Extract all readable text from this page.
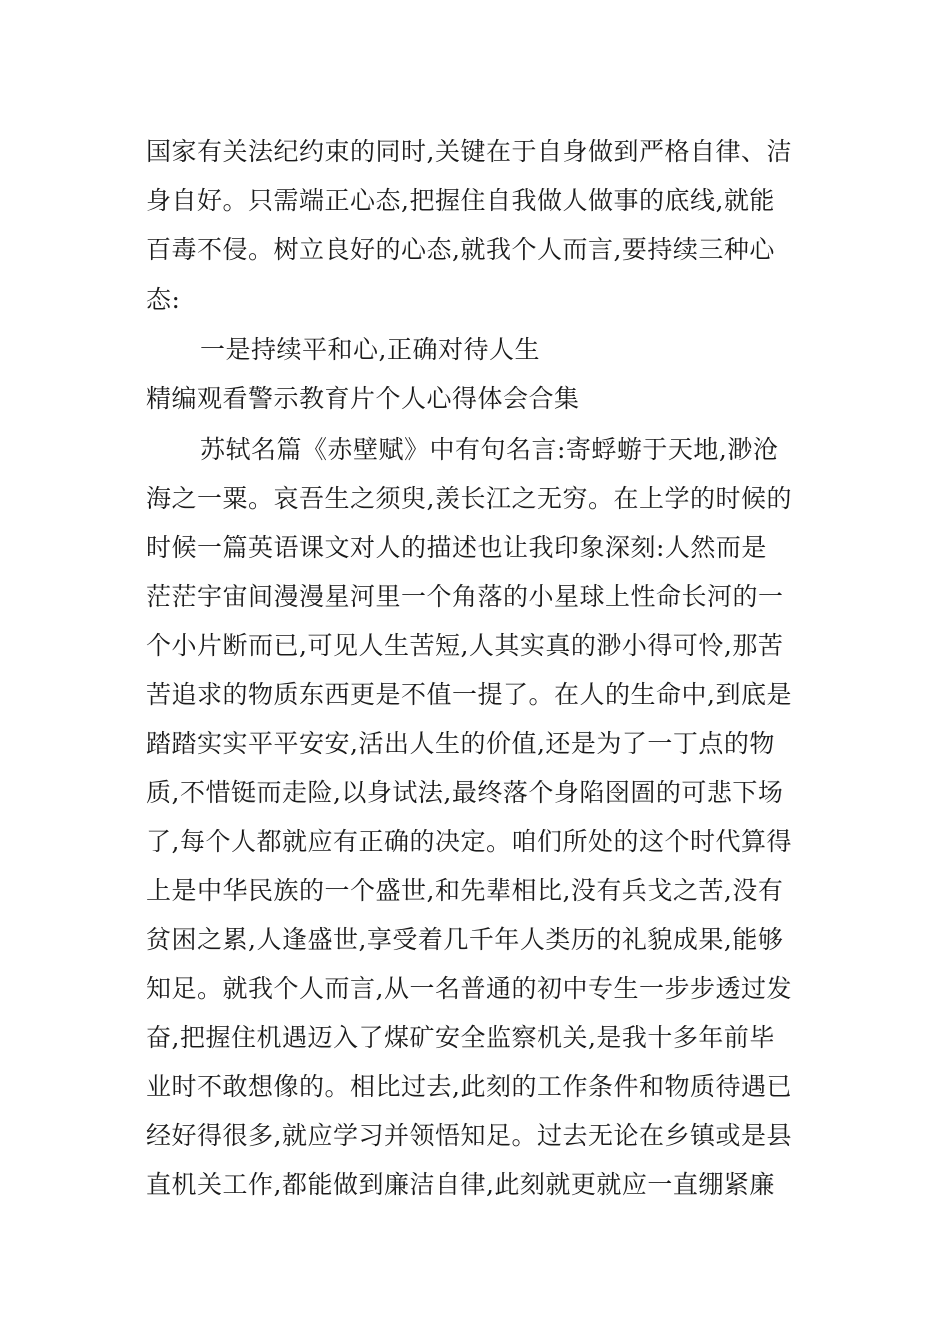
国家有关法纪约束的同时,关键在于自身做到严格自律、洁
身自好。只需端正心态,把握住自我做人做事的底线,就能
百毒不侵。树立良好的心态,就我个人而言,要持续三种心
态:
一是持续平和心,正确对待人生
精编观看警示教育片个人心得体会合集
苏轼名篇《赤壁赋》中有句名言:寄蜉蝣于天地,渺沧
海之一粟。哀吾生之须臾,羡长江之无穷。在上学的时候的
时候一篇英语课文对人的描述也让我印象深刻:人然而是
茫茫宇宙间漫漫星河里一个角落的小星球上性命长河的一
个小片断而已,可见人生苦短,人其实真的渺小得可怜,那苦
苦追求的物质东西更是不值一提了。在人的生命中,到底是
踏踏实实平平安安,活出人生的价值,还是为了一丁点的物
质,不惜铤而走险,以身试法,最终落个身陷囹圄的可悲下场
了,每个人都就应有正确的决定。咱们所处的这个时代算得
上是中华民族的一个盛世,和先辈相比,没有兵戈之苦,没有
贫困之累,人逢盛世,享受着几千年人类历的礼貌成果,能够
知足。就我个人而言,从一名普通的初中专生一步步透过发
奋,把握住机遇迈入了煤矿安全监察机关,是我十多年前毕
业时不敢想像的。相比过去,此刻的工作条件和物质待遇已
经好得很多,就应学习并领悟知足。过去无论在乡镇或是县
直机关工作,都能做到廉洁自律,此刻就更就应一直绷紧廉
